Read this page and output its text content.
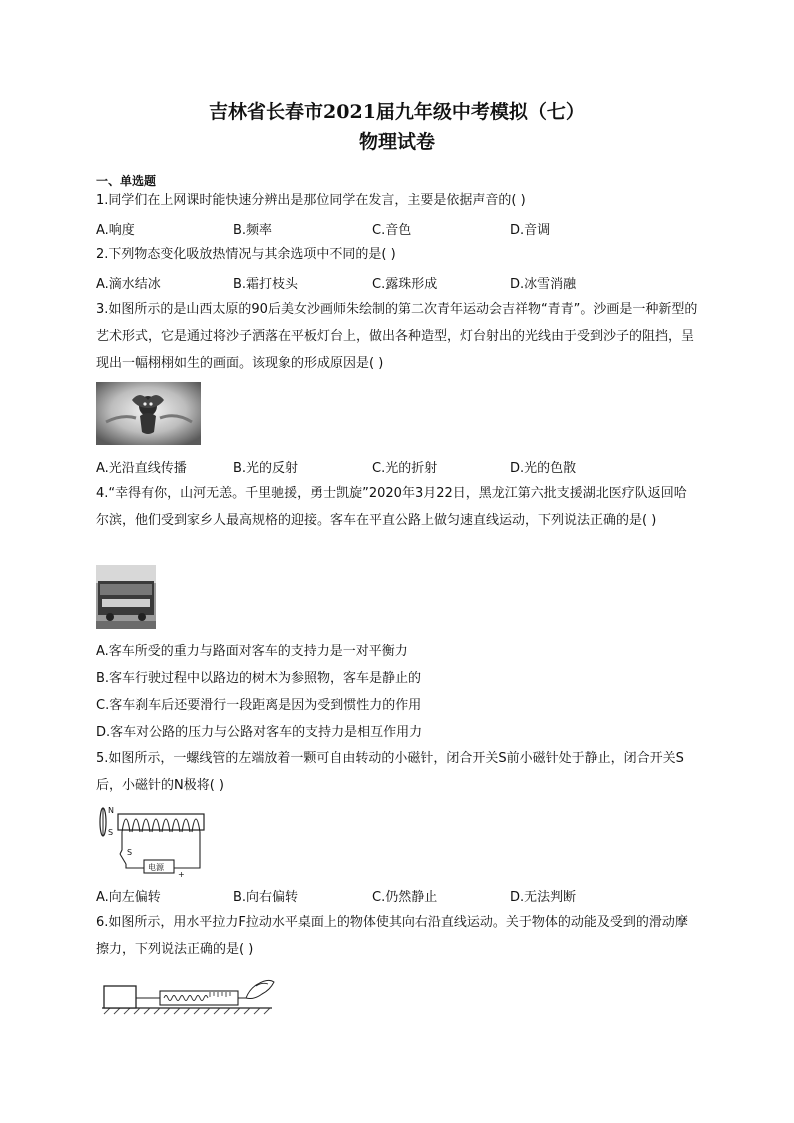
吉林省长春市2021届九年级中考模拟（七）
物理试卷
一、单选题
1.同学们在上网课时能快速分辨出是那位同学在发言，主要是依据声音的( )
A.响度	B.频率	C.音色	D.音调
2.下列物态变化吸放热情况与其余选项中不同的是( )
A.滴水结冰	B.霜打枝头	C.露珠形成	D.冰雪消融
3.如图所示的是山西太原的90后美女沙画师朱绘制的第二次青年运动会吉祥物“青青”。沙画是一种新型的艺术形式，它是通过将沙子洒落在平板灯台上，做出各种造型，灯台射出的光线由于受到沙子的阻挡，呈现出一幅栩栩如生的画面。该现象的形成原因是( )
A.光沿直线传播	B.光的反射	C.光的折射	D.光的色散
4.“幸得有你，山河无恙。千里驰援，勇士凯旋”2020年3月22日，黑龙江第六批支援湖北医疗队返回哈尔滨，他们受到家乡人最高规格的迎接。客车在平直公路上做匀速直线运动，下列说法正确的是( )
A.客车所受的重力与路面对客车的支持力是一对平衡力
B.客车行驶过程中以路边的树木为参照物，客车是静止的
C.客车刹车后还要滑行一段距离是因为受到惯性力的作用
D.客车对公路的压力与公路对客车的支持力是相互作用力
5.如图所示，一螺线管的左端放着一颗可自由转动的小磁针，闭合开关S前小磁针处于静止，闭合开关S后，小磁针的N极将( )
N
S
S
电源
+
A.向左偏转	B.向右偏转	C.仍然静止	D.无法判断
6.如图所示，用水平拉力F拉动水平桌面上的物体使其向右沿直线运动。关于物体的动能及受到的滑动摩擦力，下列说法正确的是( )
